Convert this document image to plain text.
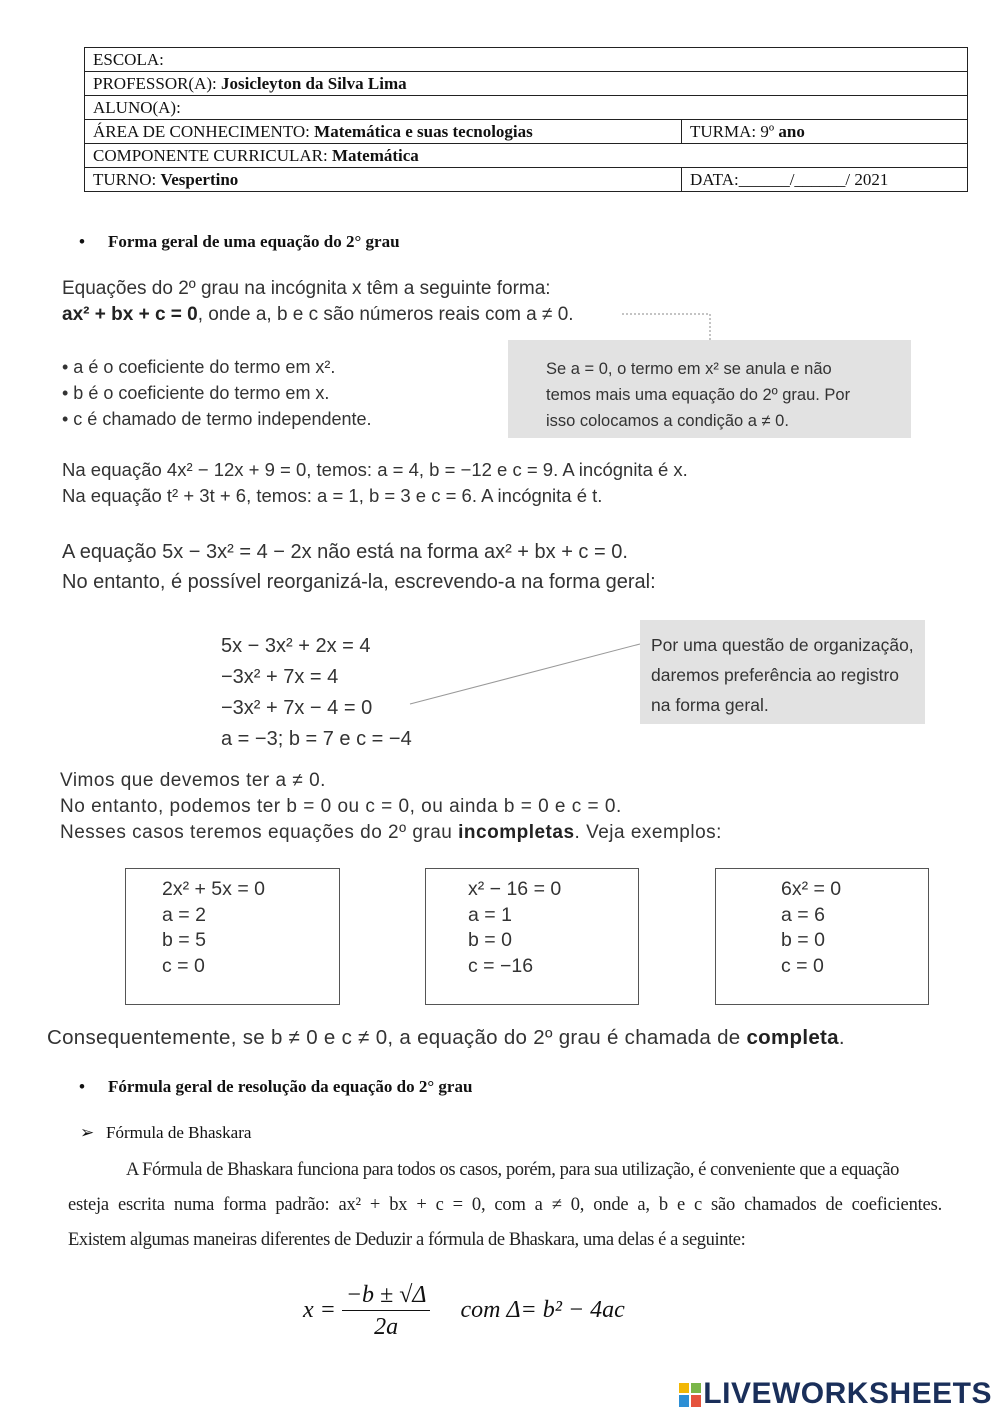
ESCOLA:	
PROFESSOR(A): Josicleyton da Silva Lima	
ALUNO(A):	
ÁREA DE CONHECIMENTO: Matemática e suas tecnologias	TURMA: 9º ano
COMPONENTE CURRICULAR: Matemática	
TURNO: Vespertino	DATA:______/______/ 2021
• Forma geral de uma equação do 2° grau
Equações do 2º grau na incógnita x têm a seguinte forma:
ax² + bx + c = 0, onde a, b e c são números reais com a ≠ 0.
• a é o coeficiente do termo em x².
• b é o coeficiente do termo em x.
• c é chamado de termo independente.
Se a = 0, o termo em x² se anula e não
temos mais uma equação do 2º grau. Por
isso colocamos a condição a ≠ 0.
Na equação 4x² − 12x + 9 = 0, temos: a = 4, b = −12 e c = 9. A incógnita é x.
Na equação t² + 3t + 6, temos: a = 1, b = 3 e c = 6. A incógnita é t.
A equação 5x − 3x² = 4 − 2x não está na forma ax² + bx + c = 0.
No entanto, é possível reorganizá-la, escrevendo-a na forma geral:
5x − 3x² + 2x = 4
−3x² + 7x = 4
−3x² + 7x − 4 = 0
a = −3; b = 7 e c = −4
Por uma questão de organização,
daremos preferência ao registro
na forma geral.
Vimos que devemos ter a ≠ 0.
No entanto, podemos ter b = 0 ou c = 0, ou ainda b = 0 e c = 0.
Nesses casos teremos equações do 2º grau incompletas. Veja exemplos:
2x² + 5x = 0
a = 2
b = 5
c = 0
x² − 16 = 0
a = 1
b = 0
c = −16
6x² = 0
a = 6
b = 0
c = 0
Consequentemente, se b ≠ 0 e c ≠ 0, a equação do 2º grau é chamada de completa.
• Fórmula geral de resolução da equação do 2° grau
➢ Fórmula de Bhaskara
A Fórmula de Bhaskara funciona para todos os casos, porém, para sua utilização, é conveniente que a equação
esteja escrita numa forma padrão: ax² + bx + c = 0, com a ≠ 0, onde a, b e c são chamados de coeficientes.
Existem algumas maneiras diferentes de Deduzir a fórmula de Bhaskara, uma delas é a seguinte:
$x = \frac{-b \pm √\Delta}{2a}$ com Δ= b² − 4ac
LIVEWORKSHEETS
